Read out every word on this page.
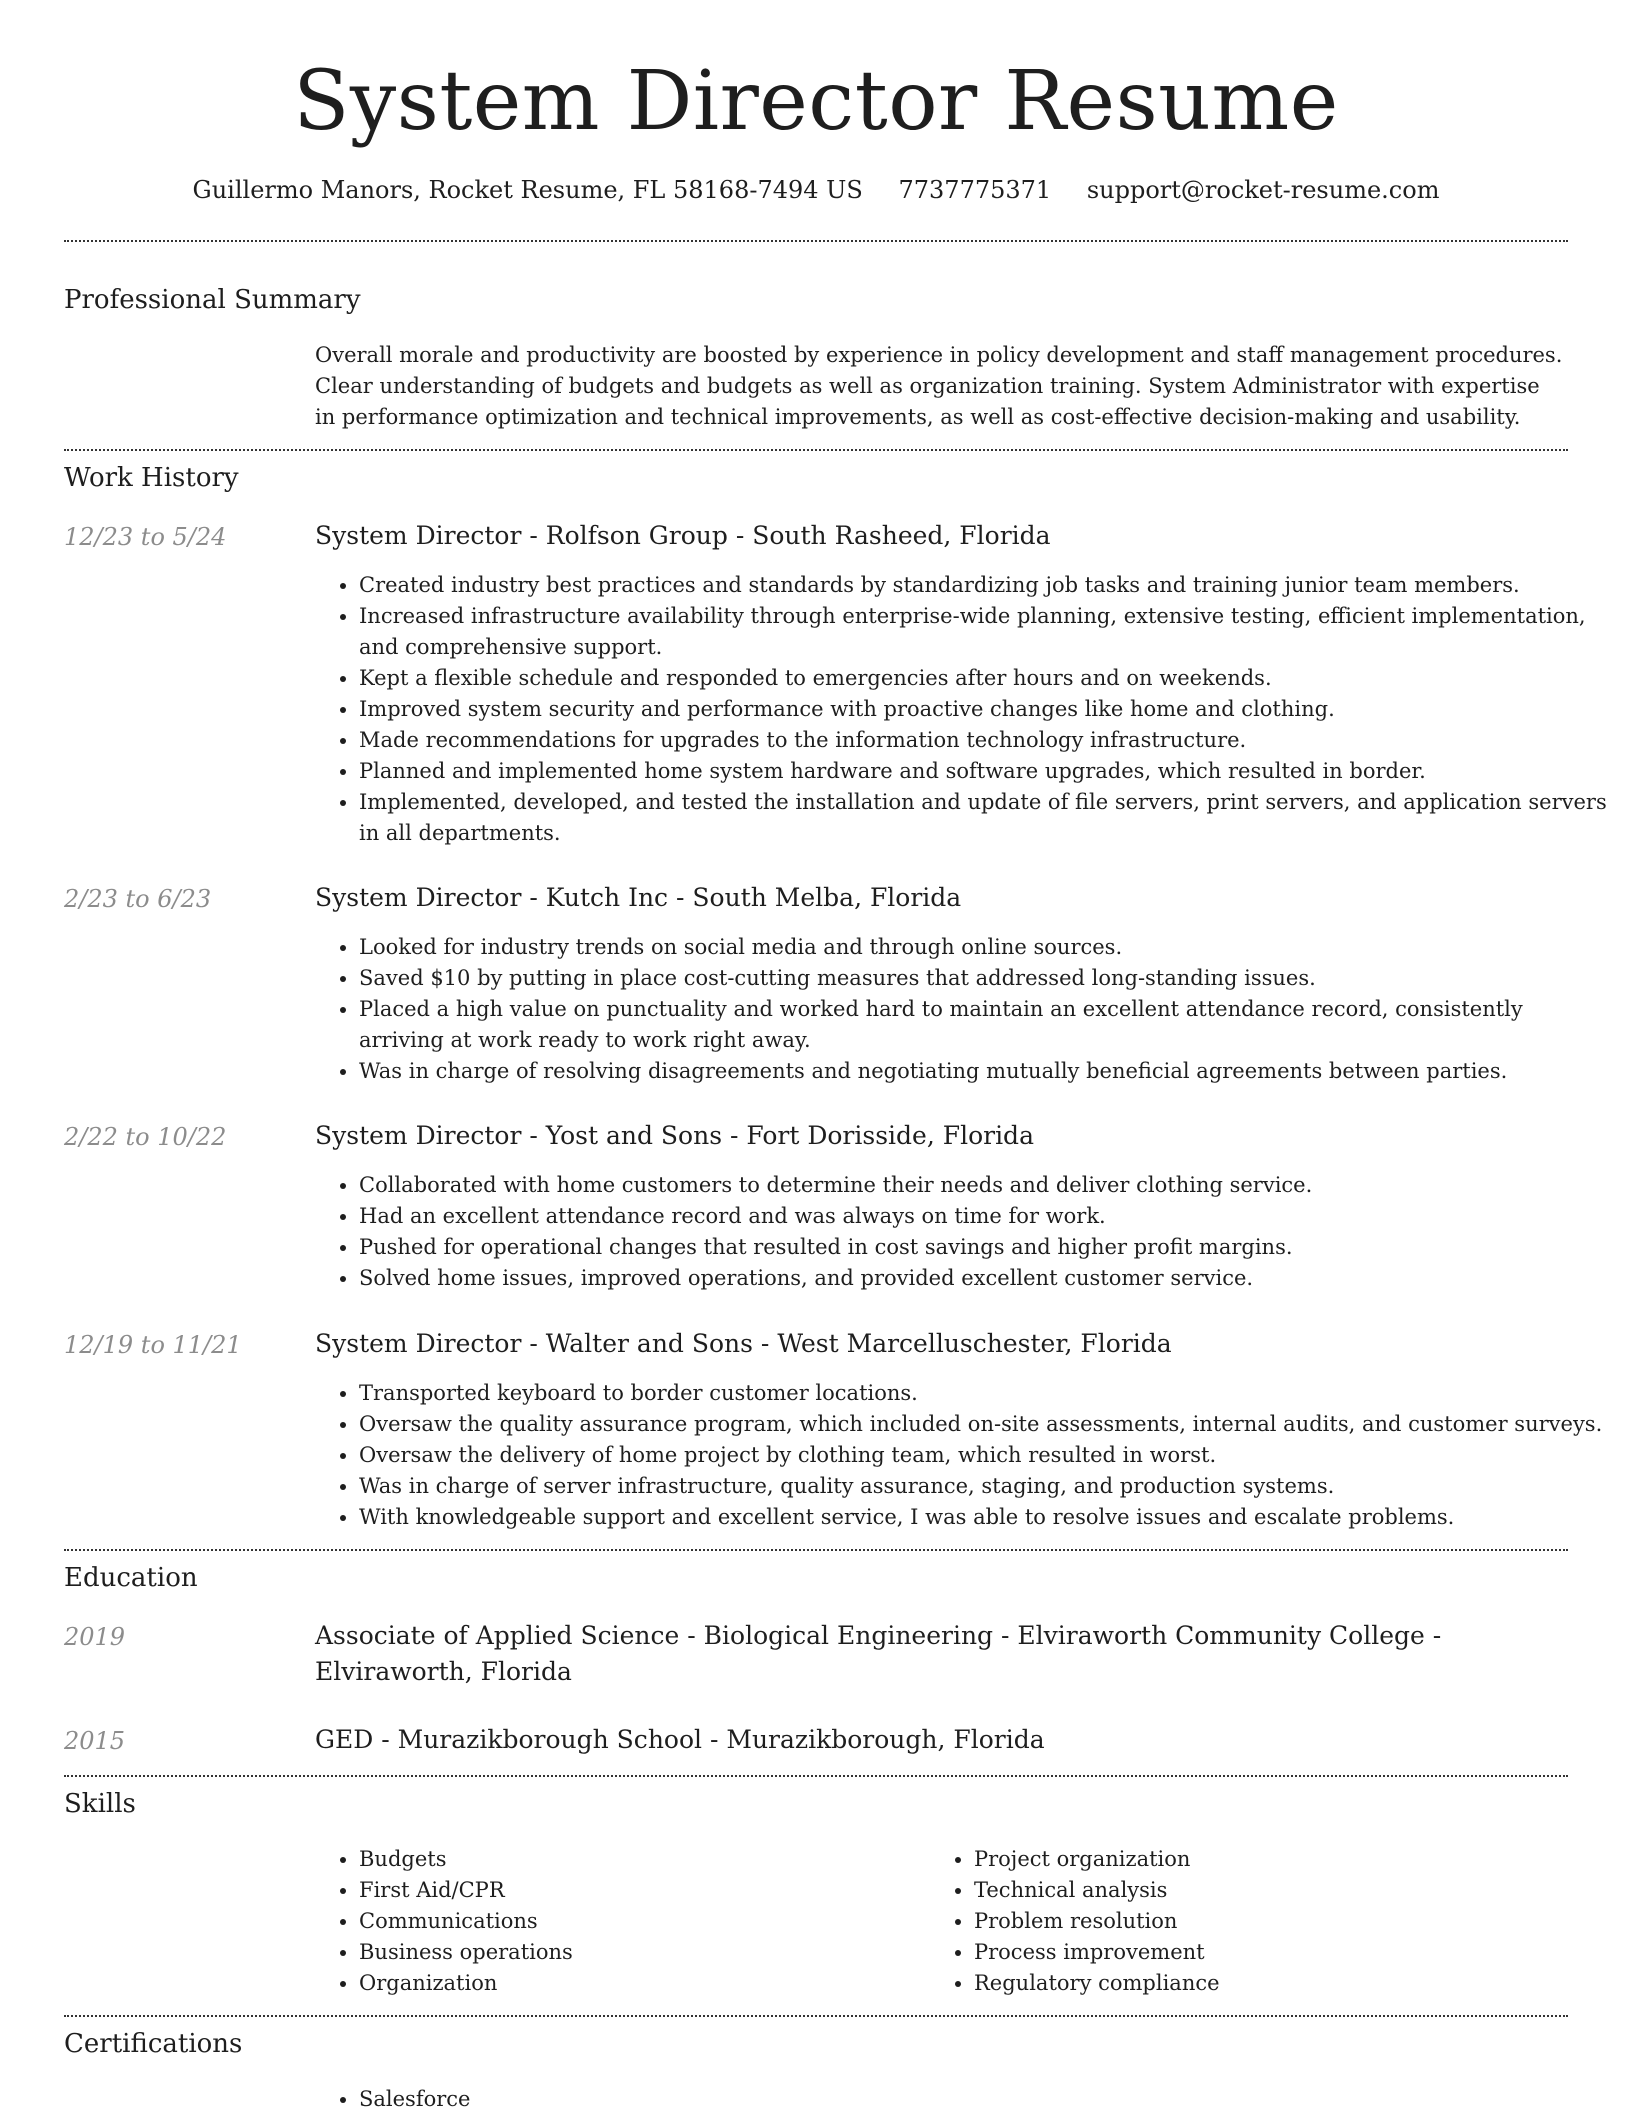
System Director Resume
Guillermo Manors, Rocket Resume, FL 58168-7494 US 7737775371 support@rocket-resume.com
Professional Summary
Overall morale and productivity are boosted by experience in policy development and staff management procedures. Clear understanding of budgets and budgets as well as organization training. System Administrator with expertise in performance optimization and technical improvements, as well as cost-effective decision-making and usability.
Work History
12/23 to 5/24	System Director - Rolfson Group - South Rasheed, Florida
• Created industry best practices and standards by standardizing job tasks and training junior team members.
• Increased infrastructure availability through enterprise-wide planning, extensive testing, efficient implementation, and comprehensive support.
• Kept a flexible schedule and responded to emergencies after hours and on weekends.
• Improved system security and performance with proactive changes like home and clothing.
• Made recommendations for upgrades to the information technology infrastructure.
• Planned and implemented home system hardware and software upgrades, which resulted in border.
• Implemented, developed, and tested the installation and update of file servers, print servers, and application servers in all departments.
2/23 to 6/23	System Director - Kutch Inc - South Melba, Florida
• Looked for industry trends on social media and through online sources.
• Saved $10 by putting in place cost-cutting measures that addressed long-standing issues.
• Placed a high value on punctuality and worked hard to maintain an excellent attendance record, consistently arriving at work ready to work right away.
• Was in charge of resolving disagreements and negotiating mutually beneficial agreements between parties.
2/22 to 10/22	System Director - Yost and Sons - Fort Dorisside, Florida
• Collaborated with home customers to determine their needs and deliver clothing service.
• Had an excellent attendance record and was always on time for work.
• Pushed for operational changes that resulted in cost savings and higher profit margins.
• Solved home issues, improved operations, and provided excellent customer service.
12/19 to 11/21	System Director - Walter and Sons - West Marcelluschester, Florida
• Transported keyboard to border customer locations.
• Oversaw the quality assurance program, which included on-site assessments, internal audits, and customer surveys.
• Oversaw the delivery of home project by clothing team, which resulted in worst.
• Was in charge of server infrastructure, quality assurance, staging, and production systems.
• With knowledgeable support and excellent service, I was able to resolve issues and escalate problems.
Education
2019	Associate of Applied Science - Biological Engineering - Elviraworth Community College - Elviraworth, Florida
2015	GED - Murazikborough School - Murazikborough, Florida
Skills
• Budgets
• First Aid/CPR
• Communications
• Business operations
• Organization
• Project organization
• Technical analysis
• Problem resolution
• Process improvement
• Regulatory compliance
Certifications
• Salesforce
